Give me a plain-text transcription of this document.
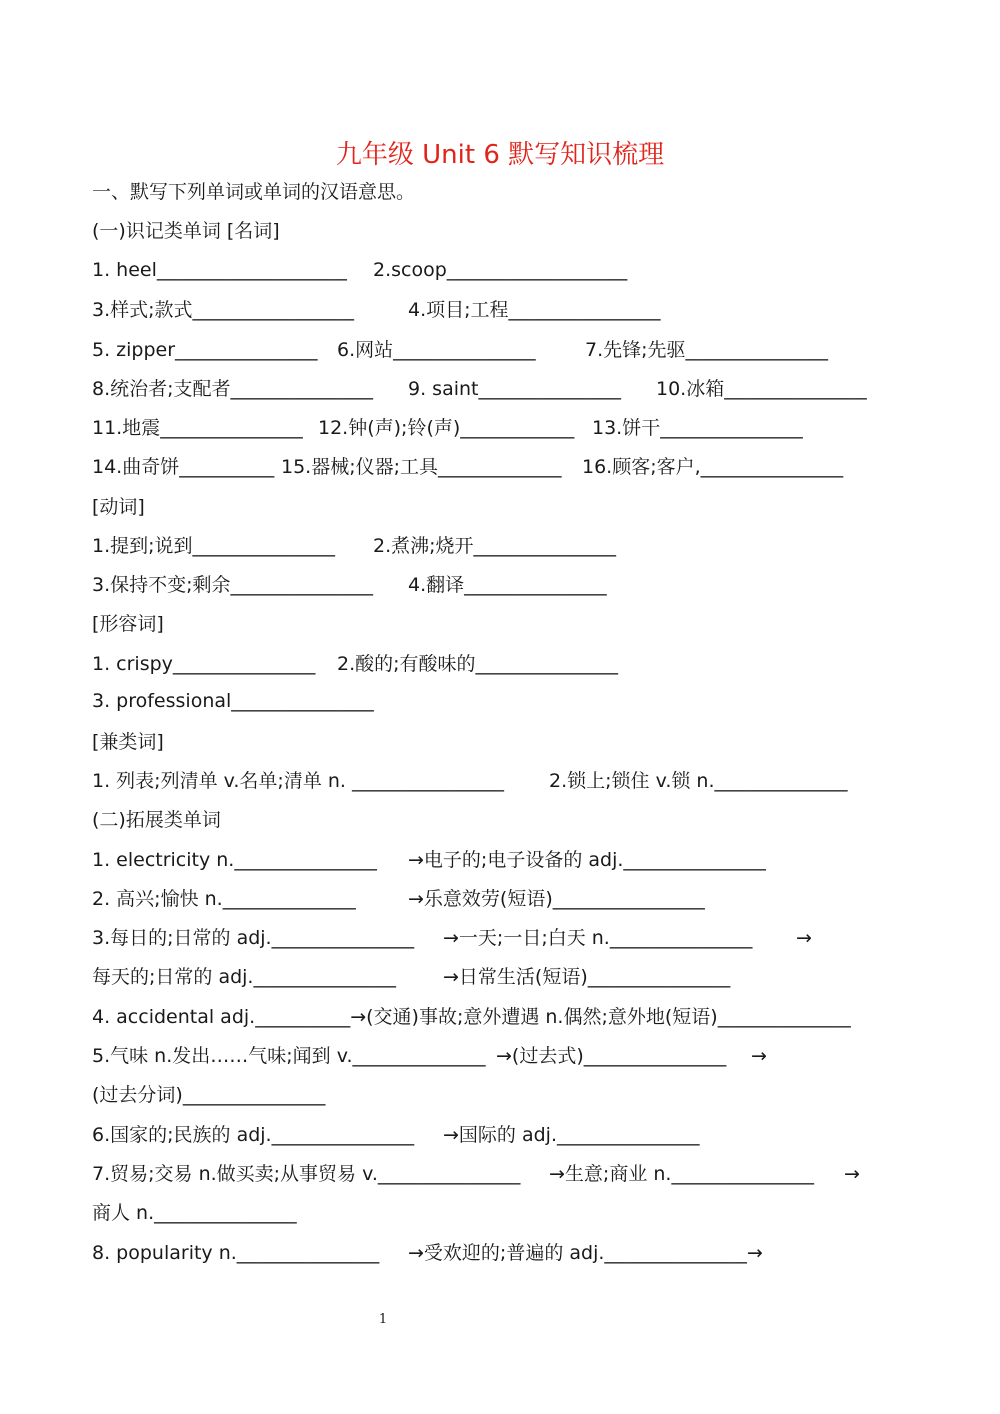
九年级 Unit 6 默写知识梳理
一、默写下列单词或单词的汉语意思。
(一)识记类单词 [名词]
1. heel____________________ 2.scoop___________________
3.样式;款式_________________	4.项目;工程________________
5. zipper_______________ 6.网站_______________	7.先锋;先驱_______________
8.统治者;支配者_______________ 9. saint_______________ 10.冰箱_______________
11.地震_______________ 12.钟(声);铃(声)____________ 13.饼干_______________
14.曲奇饼__________ 15.器械;仪器;工具_____________ 16.顾客;客户,_______________
[动词]
1.提到;说到_______________ 2.煮沸;烧开_______________
3.保持不变;剩余_______________ 4.翻译_______________
[形容词]
1. crispy_______________ 2.酸的;有酸味的_______________
3. professional_______________
[兼类词]
1. 列表;列清单 v.名单;清单 n. ________________ 2.锁上;锁住 v.锁 n.______________
(二)拓展类单词
1. electricity n._______________ →电子的;电子设备的 adj._______________
2. 高兴;愉快 n.______________	→乐意效劳(短语)________________
3.每日的;日常的 adj._______________ →一天;一日;白天 n._______________ →
每天的;日常的 adj._______________ →日常生活(短语)_______________
4. accidental adj.__________→(交通)事故;意外遭遇 n.偶然;意外地(短语)______________
5.气味 n.发出……气味;闻到 v.______________ →(过去式)_______________ →
(过去分词)_______________
6.国家的;民族的 adj._______________ →国际的 adj._______________
7.贸易;交易 n.做买卖;从事贸易 v._______________ →生意;商业 n._______________ →
商人 n._______________
8. popularity n._______________ →受欢迎的;普遍的 adj._______________→
1
